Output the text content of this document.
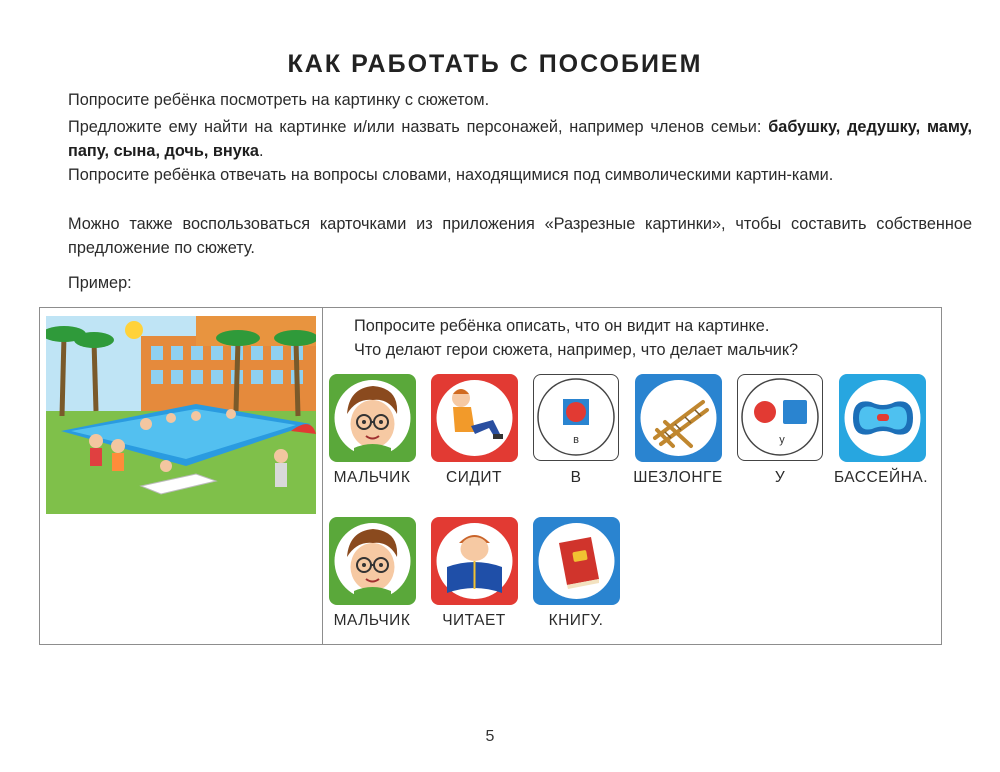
КАК РАБОТАТЬ С ПОСОБИЕМ
Попросите ребёнка посмотреть на картинку с сюжетом.
Предложите ему найти на картинке и/или назвать персонажей, например членов семьи: бабушку, дедушку, маму, папу, сына, дочь, внука.
Попросите ребёнка отвечать на вопросы словами, находящимися под символическими картин-ками.
Можно также воспользоваться карточками из приложения «Разрезные картинки», чтобы составить собственное предложение по сюжету.
Пример:
Попросите ребёнка описать, что он видит на картинке.
Что делают герои сюжета, например, что делает мальчик?
в	у
МАЛЬЧИК	СИДИТ	В	ШЕЗЛОНГЕ	У	БАССЕЙНА.
МАЛЬЧИК	ЧИТАЕТ	КНИГУ.
5
